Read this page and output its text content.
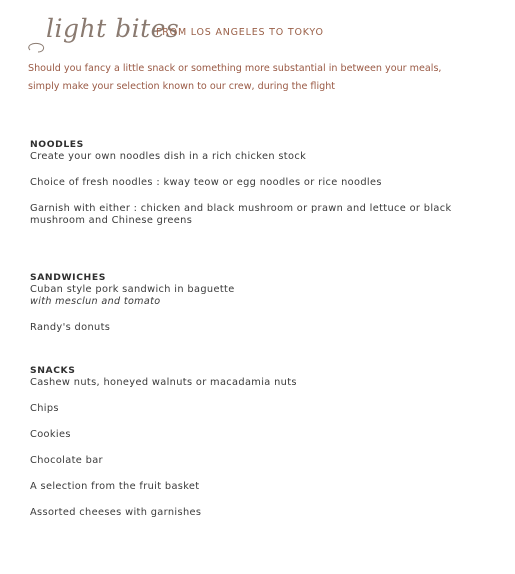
light bites
FROM LOS ANGELES TO TOKYO
Should you fancy a little snack or something more substantial in between your meals, simply make your selection known to our crew, during the flight
NOODLES
Create your own noodles dish in a rich chicken stock
Choice of fresh noodles : kway teow or egg noodles or rice noodles
Garnish with either : chicken and black mushroom or prawn and lettuce or black mushroom and Chinese greens
SANDWICHES
Cuban style pork sandwich in baguette
with mesclun and tomato
Randy's donuts
SNACKS
Cashew nuts, honeyed walnuts or macadamia nuts
Chips
Cookies
Chocolate bar
A selection from the fruit basket
Assorted cheeses with garnishes
